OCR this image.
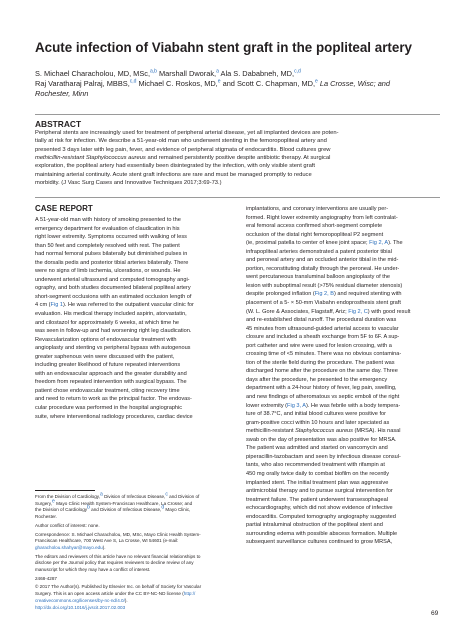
Acute infection of Viabahn stent graft in the popliteal artery
S. Michael Characholou, MD, MSc,$^{a,b}$ Marshall Dworak,$^a$ Ala S. Dababneh, MD,$^{c,d}$
Raj Varatharaj Palraj, MBBS,$^{c,d}$ Michael C. Roskos, MD,$^e$ and Scott C. Chapman, MD,$^e$ La Crosse, Wisc; and
Rochester, Minn
ABSTRACT
Peripheral stents are increasingly used for treatment of peripheral arterial disease, yet all implanted devices are poten-
tially at risk for infection. We describe a 51-year-old man who underwent stenting in the femoropopliteal artery and
presented 3 days later with leg pain, fever, and evidence of peripheral stigmata of endocarditis. Blood cultures grew
methicillin-resistant Staphylococcus aureus and remained persistently positive despite antibiotic therapy. At surgical
exploration, the popliteal artery had essentially been disintegrated by the infection, with only visible stent graft
maintaining arterial continuity. Acute stent graft infections are rare and must be managed promptly to reduce
morbidity. (J Vasc Surg Cases and Innovative Techniques 2017;3:69-73.)
CASE REPORT
A 51-year-old man with history of smoking presented to the
emergency department for evaluation of claudication in his
right lower extremity. Symptoms occurred with walking of less
than 50 feet and completely resolved with rest. The patient
had normal femoral pulses bilaterally but diminished pulses in
the dorsalis pedis and posterior tibial arteries bilaterally. There
were no signs of limb ischemia, ulcerations, or wounds. He
underwent arterial ultrasound and computed tomography angi-
ography, and both studies documented bilateral popliteal artery
short-segment occlusions with an estimated occlusion length of
4 cm (Fig 1). He was referred to the outpatient vascular clinic for
evaluation. His medical therapy included aspirin, atorvastatin,
and cilostazol for approximately 6 weeks, at which time he
was seen in follow-up and had worsening right leg claudication.
Revascularization options of endovascular treatment with
angioplasty and stenting vs peripheral bypass with autogenous
greater saphenous vein were discussed with the patient,
including greater likelihood of future repeated interventions
with an endovascular approach and the greater durability and
freedom from repeated intervention with surgical bypass. The
patient chose endovascular treatment, citing recovery time
and need to return to work as the principal factor. The endovas-
cular procedure was performed in the hospital angiographic
suite, where interventional radiology procedures, cardiac device
implantations, and coronary interventions are usually per-
formed. Right lower extremity angiography from left contralat-
eral femoral access confirmed short-segment complete
occlusion of the distal right femoropopliteal P2 segment
(ie, proximal patella to center of knee joint space; Fig 2, A). The
infrapopliteal arteries demonstrated a patent posterior tibial
and peroneal artery and an occluded anterior tibial in the mid-
portion, reconstituting distally through the peroneal. He under-
went percutaneous transluminal balloon angioplasty of the
lesion with suboptimal result (>75% residual diameter stenosis)
despite prolonged inflation (Fig 2, B) and required stenting with
placement of a 5- × 50-mm Viabahn endoprosthesis stent graft
(W. L. Gore & Associates, Flagstaff, Ariz; Fig 2, C) with good result
and re-established distal runoff. The procedural duration was
45 minutes from ultrasound-guided arterial access to vascular
closure and included a sheath exchange from 5F to 6F. A sup-
port catheter and wire were used for lesion crossing, with a
crossing time of <5 minutes. There was no obvious contamina-
tion of the sterile field during the procedure. The patient was
discharged home after the procedure on the same day. Three
days after the procedure, he presented to the emergency
department with a 24-hour history of fever, leg pain, swelling,
and new findings of atheromatous vs septic emboli of the right
lower extremity (Fig 3, A). He was febrile with a body tempera-
ture of 38.7°C, and initial blood cultures were positive for
gram-positive cocci within 10 hours and later speciated as
methicillin-resistant Staphylococcus aureus (MRSA). His nasal
swab on the day of presentation was also positive for MRSA.
The patient was admitted and started on vancomycin and
piperacillin-tazobactam and seen by infectious disease consul-
tants, who also recommended treatment with rifampin at
450 mg orally twice daily to combat biofilm on the recently
implanted stent. The initial treatment plan was aggressive
antimicrobial therapy and to pursue surgical intervention for
treatment failure. The patient underwent transesophageal
echocardiography, which did not show evidence of infective
endocarditis. Computed tomography angiography suggested
partial intraluminal obstruction of the popliteal stent and
surrounding edema with possible abscess formation. Multiple
subsequent surveillance cultures continued to grow MRSA,
From the Division of Cardiology,$^a$ Division of Infectious Disease,$^c$ and Division of
Surgery,$^e$ Mayo Clinic Health System-Franciscan Healthcare, La Crosse; and
the Division of Cardiology$^b$ and Division of Infectious Disease,$^d$ Mayo Clinic,
Rochester.
Author conflict of interest: none.
Correspondence: S. Michael Characholou, MD, MSc, Mayo Clinic Health System-
Franciscan Healthcare, 700 West Ave S, La Crosse, WI 54601 (e-mail:
gharacholou.shahyar@mayo.edu).
The editors and reviewers of this article have no relevant financial relationships to
disclose per the Journal policy that requires reviewers to decline review of any
manuscript for which they may have a conflict of interest.
2468-4287
© 2017 The Author(s). Published by Elsevier Inc. on behalf of Society for Vascular
Surgery. This is an open access article under the CC BY-NC-ND license (http://
creativecommons.org/licenses/by-nc-nd/4.0/).
http://dx.doi.org/10.1016/j.jvscit.2017.02.003
69
